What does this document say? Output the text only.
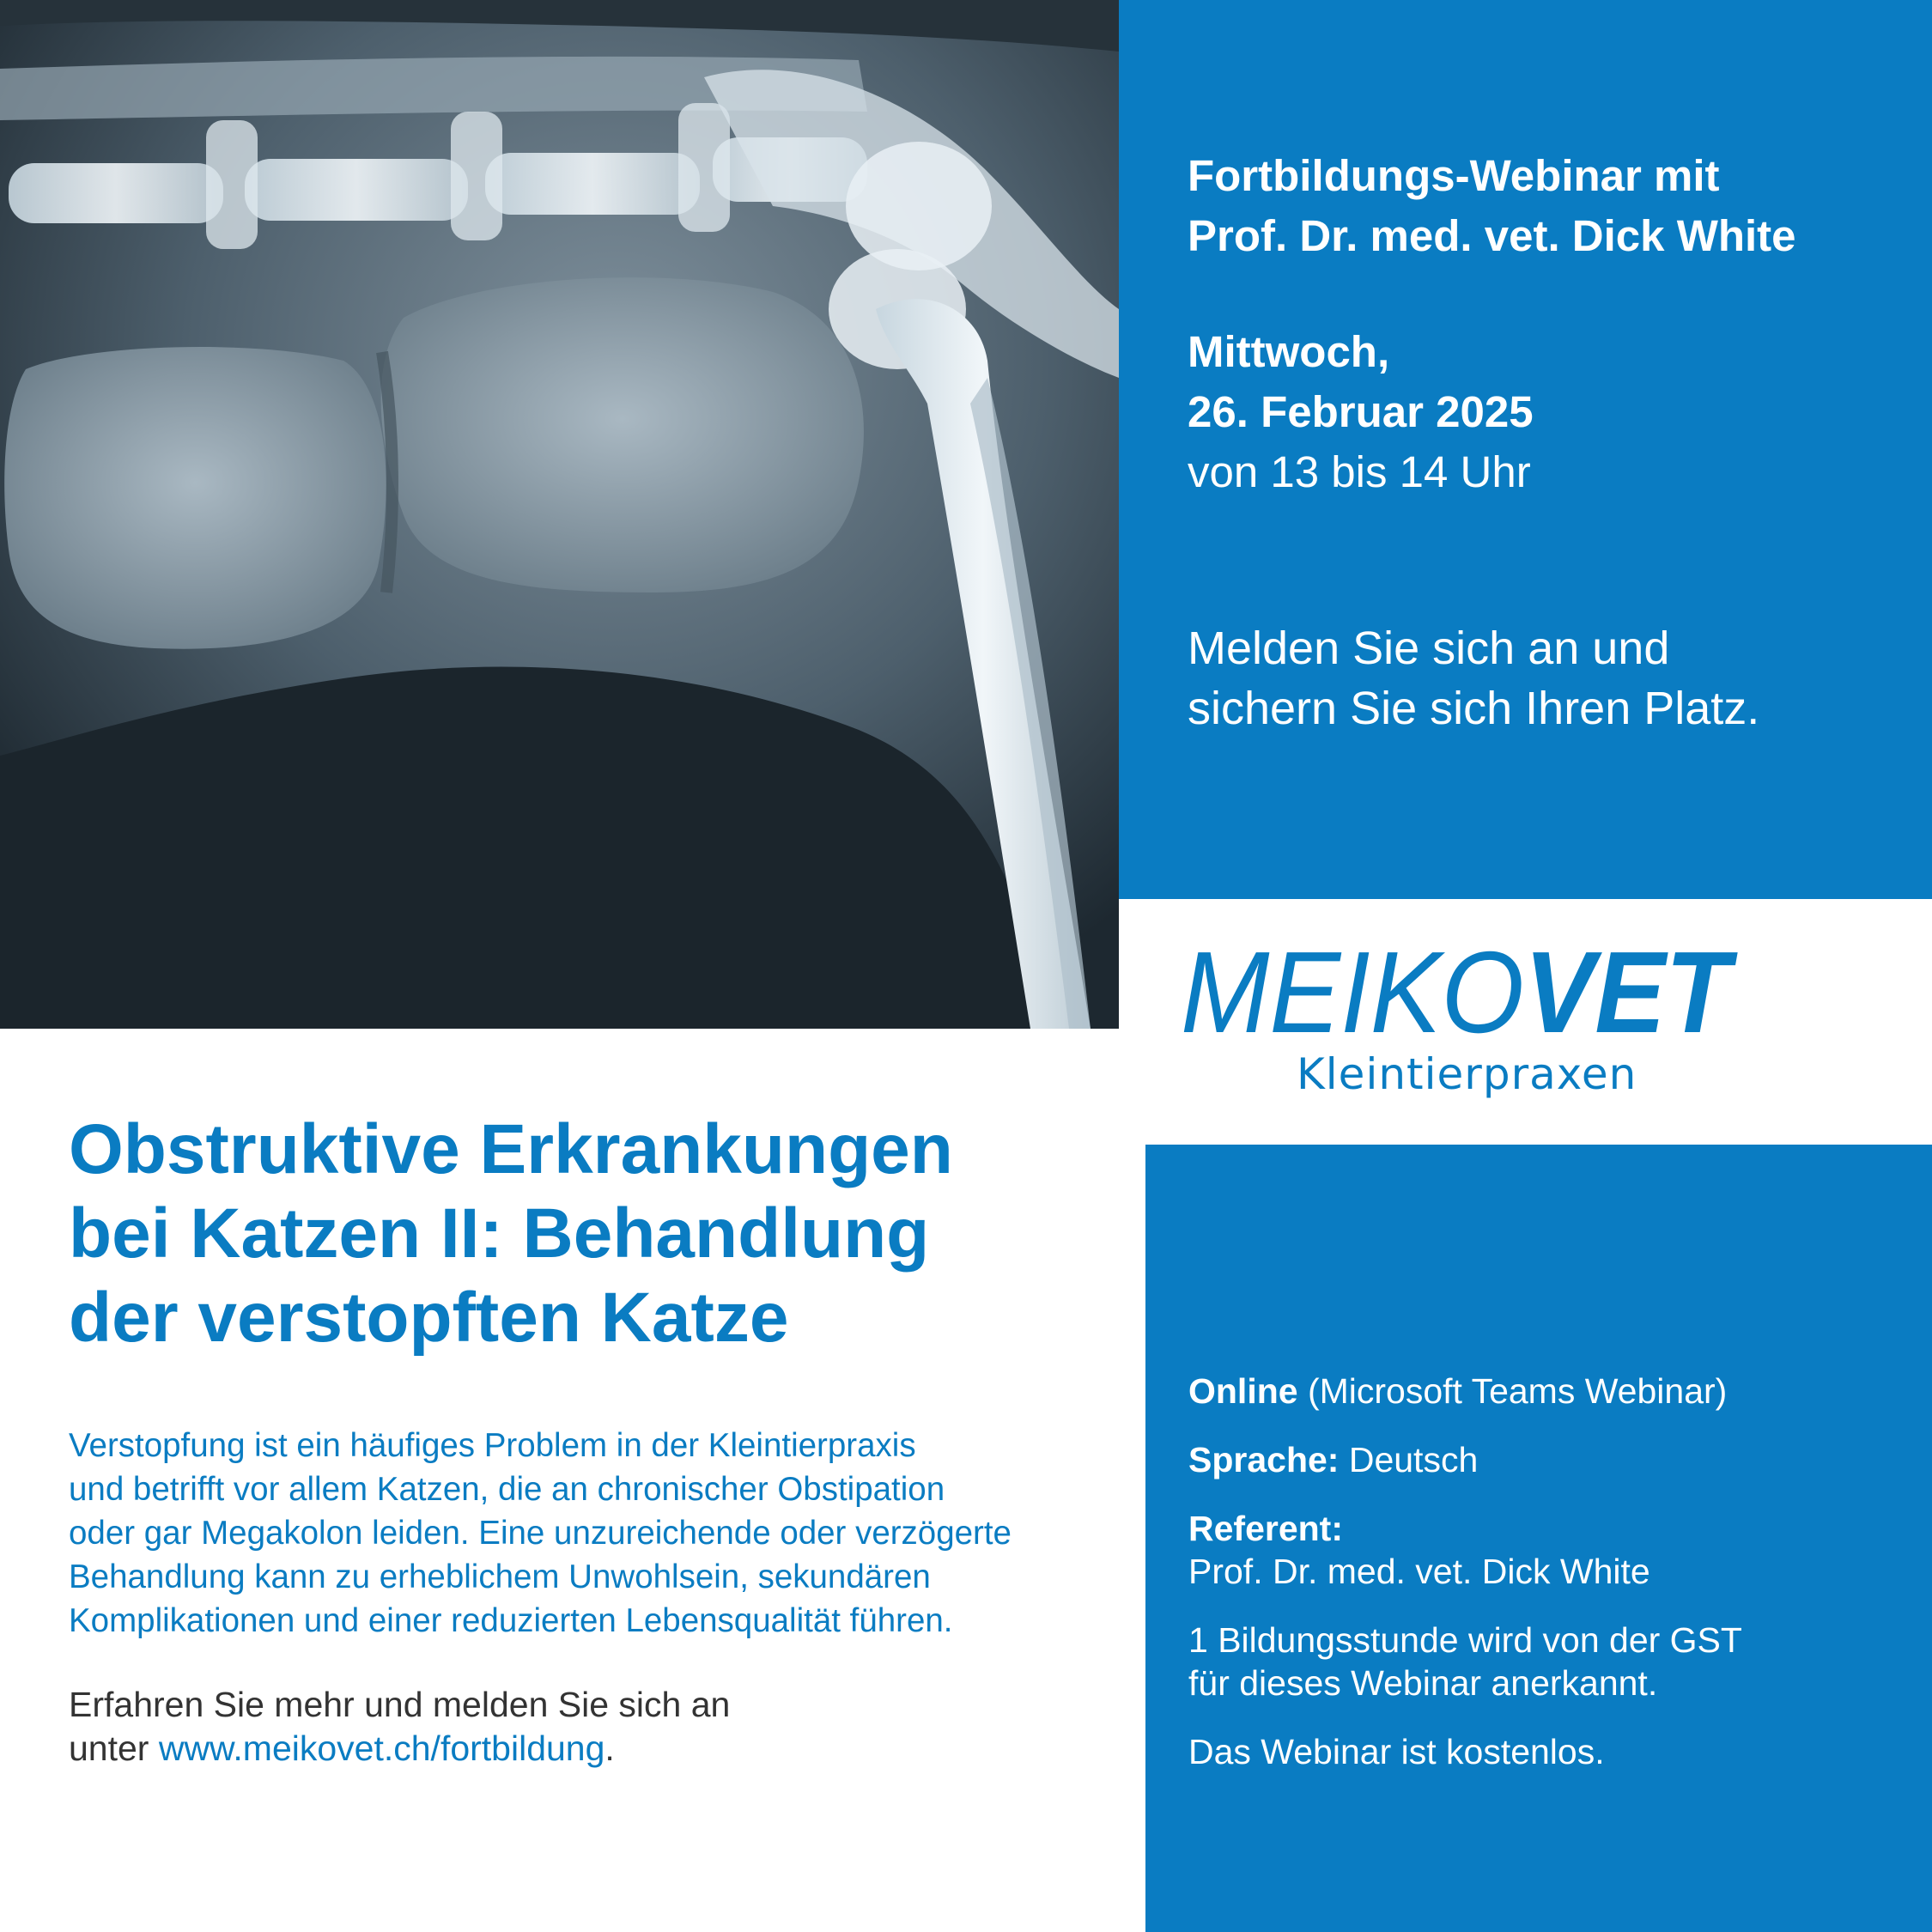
Fortbildungs-Webinar mit
Prof. Dr. med. vet. Dick White

Mittwoch,
26. Februar 2025

von 13 bis 14 Uhr

Melden Sie sich an und
sichern Sie sich Ihren Platz.

MEIKO VET
Kleintierpraxen
Obstruktive Erkrankungen
bei Katzen II: Behandlung
der verstopften Katze

Verstopfung ist ein häufiges Problem in der Kleintierpraxis
und betrifft vor allem Katzen, die an chronischer Obstipation
oder gar Megakolon leiden. Eine unzureichende oder verzögerte
Behandlung kann zu erheblichem Unwohlsein, sekundären
Komplikationen und einer reduzierten Lebensqualität führen.

Erfahren Sie mehr und melden Sie sich an
unter www.meikovet.ch/fortbildung.

Online (Microsoft Teams Webinar)

Sprache: Deutsch

Referent:
Prof. Dr. med. vet. Dick White

1 Bildungsstunde wird von der GST
für dieses Webinar anerkannt.

Das Webinar ist kostenlos.
